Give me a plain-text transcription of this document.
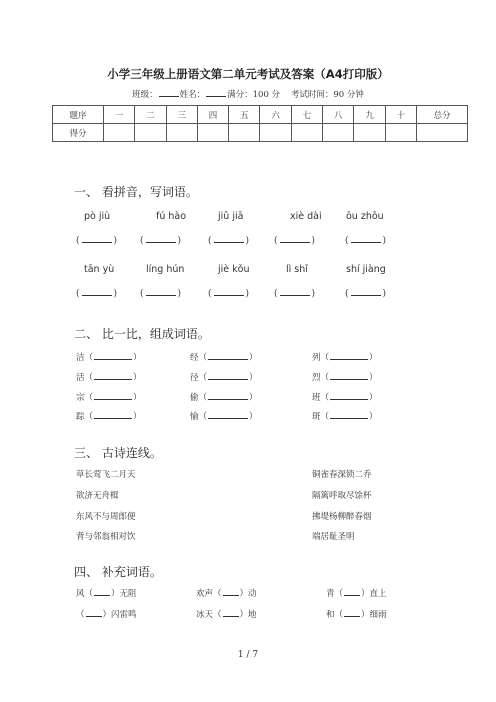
小学三年级上册语文第二单元考试及答案（A4打印版）
班级：	姓名：	满分：100 分 考试时间：90 分钟
题序	一	二	三	四	五	六	七	八	九	十	总分
得分											
一、 看拼音，写词语。
pò jiù	fú hào	jiǔ jiā	xiè dài	ōu zhōu
(	)	(	)	(	)	(	)	(	)
tān yù	líng hún	jiè kǒu	lì shǐ	shí jiàng
(	)	(	)	(	)	(	)	(	)
二、 比一比，组成词语。
洁（	）	经（	）	列（	）
活（	）	径（	）	烈（	）
宗（	）	偷（	）	班（	）
踪（	）	愉（	）	斑（	）
三、 古诗连线。
草长莺飞二月天
欲济无舟楫
东风不与周郎便
背与邻翁相对饮
铜雀春深锁二乔
隔篱呼取尽馀杯
拂堤杨柳醉春烟
端居耻圣明
四、 补充词语。
风（ ）无阻	欢声（ ）动	青（ ）直上
（ ）闪雷鸣	冰天（ ）地	和（ ）细雨
1 / 7
